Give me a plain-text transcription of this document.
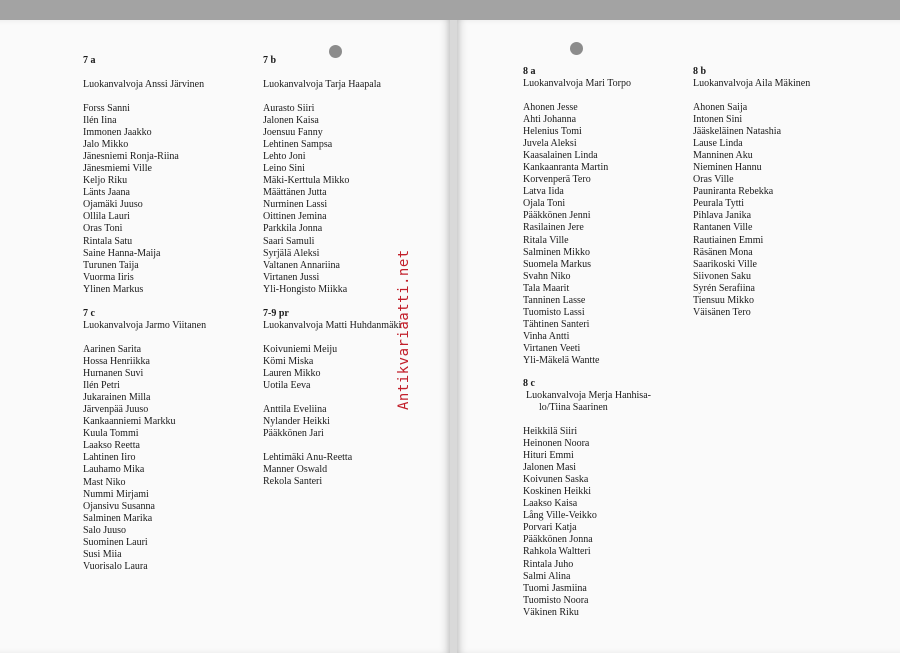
7 a
Luokanvalvoja Anssi Järvinen
Forss Sanni
Ilén Iina
Immonen Jaakko
Jalo Mikko
Jänesniemi Ronja-Riina
Jänesmiemi Ville
Keljo Riku
Länts Jaana
Ojamäki Juuso
Ollila Lauri
Oras Toni
Rintala Satu
Saine Hanna-Maija
Turunen Taija
Vuorma Iiris
Ylinen Markus
7 c
Luokanvalvoja Jarmo Viitanen
Aarinen Sarita
Hossa Henriikka
Hurnanen Suvi
Ilén Petri
Jukarainen Milla
Järvenpää Juuso
Kankaanniemi Markku
Kuula Tommi
Laakso Reetta
Lahtinen Iiro
Lauhamo Mika
Mast Niko
Nummi Mirjami
Ojansivu Susanna
Salminen Marika
Salo Juuso
Suominen Lauri
Susi Miia
Vuorisalo Laura
7 b
Luokanvalvoja Tarja Haapala
Aurasto Siiri
Jalonen Kaisa
Joensuu Fanny
Lehtinen Sampsa
Lehto Joni
Leino Sini
Mäki-Kerttula Mikko
Määttänen Jutta
Nurminen Lassi
Oittinen Jemina
Parkkila Jonna
Saari Samuli
Syrjälä Aleksi
Valtanen Annariina
Virtanen Jussi
Yli-Hongisto Miikka
7-9 pr
Luokanvalvoja Matti Huhdanmäki
Koivuniemi Meiju
Kömi Miska
Lauren Mikko
Uotila Eeva
Anttila Eveliina
Nylander Heikki
Pääkkönen Jari
Lehtimäki Anu-Reetta
Manner Oswald
Rekola Santeri
8 a
Luokanvalvoja Mari Torpo
Ahonen Jesse
Ahti Johanna
Helenius Tomi
Juvela Aleksi
Kaasalainen Linda
Kankaanranta Martin
Korvenperä Tero
Latva Iida
Ojala Toni
Pääkkönen Jenni
Rasilainen Jere
Ritala Ville
Salminen Mikko
Suomela Markus
Svahn Niko
Tala Maarit
Tanninen Lasse
Tuomisto Lassi
Tähtinen Santeri
Vinha Antti
Virtanen Veeti
Yli-Mäkelä Wantte
8 c
Luokanvalvoja Merja Hanhisa-
lo/Tiina Saarinen
Heikkilä Siiri
Heinonen Noora
Hituri Emmi
Jalonen Masi
Koivunen Saska
Koskinen Heikki
Laakso Kaisa
Lång Ville-Veikko
Porvari Katja
Pääkkönen Jonna
Rahkola Waltteri
Rintala Juho
Salmi Alina
Tuomi Jasmiina
Tuomisto Noora
Väkinen Riku
8 b
Luokanvalvoja Aila Mäkinen
Ahonen Saija
Intonen Sini
Jääskeläinen Natashia
Lause Linda
Manninen Aku
Nieminen Hannu
Oras Ville
Pauniranta Rebekka
Peurala Tytti
Pihlava Janika
Rantanen Ville
Rautiainen Emmi
Räsänen Mona
Saarikoski Ville
Siivonen Saku
Syrén Serafiina
Tiensuu Mikko
Väisänen Tero
Antikvariaatti.net
